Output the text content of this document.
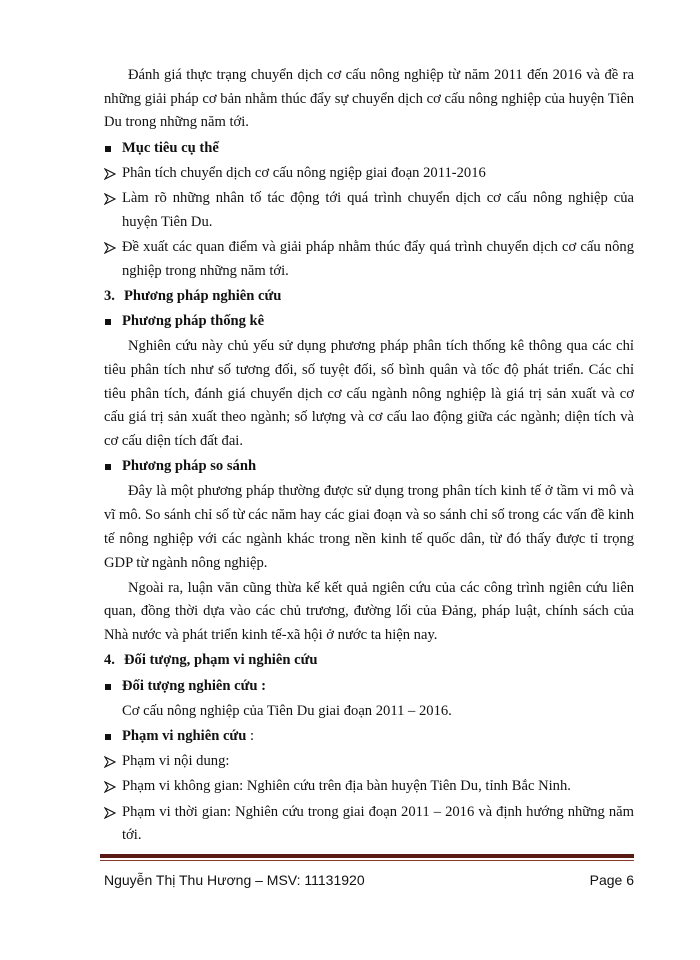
Đánh giá thực trạng chuyển dịch cơ cấu nông nghiệp từ năm 2011 đến 2016 và đề ra những giải pháp cơ bản nhằm thúc đẩy sự chuyển dịch cơ cấu nông nghiệp của huyện Tiên Du trong những năm tới.

Mục tiêu cụ thể
Phân tích chuyển dịch cơ cấu nông ngiệp giai đoạn 2011-2016
Làm rõ những nhân tố tác động tới quá trình chuyển dịch cơ cấu nông nghiệp của huyện Tiên Du.
Đề xuất các quan điểm và giải pháp nhằm thúc đẩy quá trình chuyển dịch cơ cấu nông nghiệp trong những năm tới.
3. Phương pháp nghiên cứu
Phương pháp thống kê

Nghiên cứu này chủ yếu sử dụng phương pháp phân tích thống kê thông qua các chỉ tiêu phân tích như số tương đối, số tuyệt đối, số bình quân và tốc độ phát triển. Các chỉ tiêu phân tích, đánh giá chuyển dịch cơ cấu ngành nông nghiệp là giá trị sản xuất và cơ cấu giá trị sản xuất theo ngành; số lượng và cơ cấu lao động giữa các ngành; diện tích và cơ cấu diện tích đất đai.

Phương pháp so sánh

Đây là một phương pháp thường được sử dụng trong phân tích kinh tế ở tầm vi mô và vĩ mô. So sánh chỉ số từ các năm hay các giai đoạn và so sánh chỉ số trong các vấn đề kinh tế nông nghiệp với các ngành khác trong nền kinh tế quốc dân, từ đó thấy được tỉ trọng GDP từ ngành nông nghiệp.

Ngoài ra, luận văn cũng thừa kế kết quả ngiên cứu của các công trình ngiên cứu liên quan, đồng thời dựa vào các chủ trương, đường lối của Đảng, pháp luật, chính sách của Nhà nước và phát triển kinh tế-xã hội ở nước ta hiện nay.

4. Đối tượng, phạm vi nghiên cứu
Đối tượng nghiên cứu :

Cơ cấu nông nghiệp của Tiên Du giai đoạn 2011 – 2016.

Phạm vi nghiên cứu :
Phạm vi nội dung:
Phạm vi không gian: Nghiên cứu trên địa bàn huyện Tiên Du, tỉnh Bắc Ninh.
Phạm vi thời gian: Nghiên cứu trong giai đoạn 2011 – 2016 và định hướng những năm tới.
Nguyễn Thị Thu Hương – MSV: 11131920	Page 6
